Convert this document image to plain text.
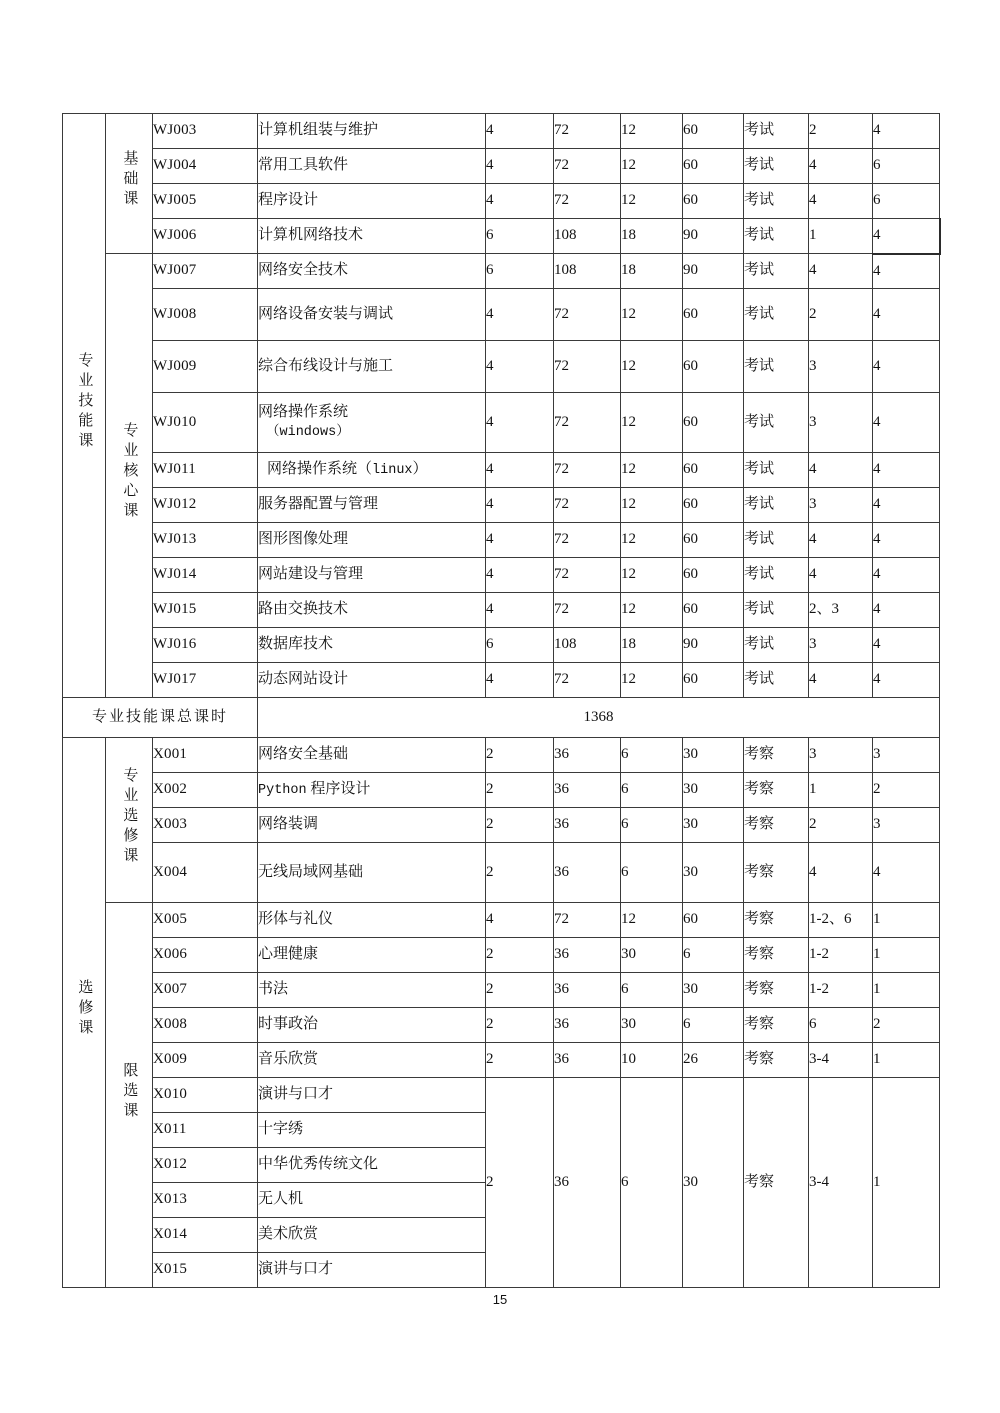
专业技能课	基础课	WJ003	计算机组装与维护	4	72	12	60	考试	2	4
		WJ004	常用工具软件	4	72	12	60	考试	4	6
		WJ005	程序设计	4	72	12	60	考试	4	6
		WJ006	计算机网络技术	6	108	18	90	考试	1	4
	专业核心课	WJ007	网络安全技术	6	108	18	90	考试	4	4
		WJ008	网络设备安装与调试	4	72	12	60	考试	2	4
		WJ009	综合布线设计与施工	4	72	12	60	考试	3	4
		WJ010	网络操作系统
（windows）	4	72	12	60	考试	3	4
		WJ011	网络操作系统（linux）	4	72	12	60	考试	4	4
		WJ012	服务器配置与管理	4	72	12	60	考试	3	4
		WJ013	图形图像处理	4	72	12	60	考试	4	4
		WJ014	网站建设与管理	4	72	12	60	考试	4	4
		WJ015	路由交换技术	4	72	12	60	考试	2、3	4
		WJ016	数据库技术	6	108	18	90	考试	3	4
		WJ017	动态网站设计	4	72	12	60	考试	4	4
专业技能课总课时			1368							
选修课	专业选修课	X001	网络安全基础	2	36	6	30	考察	3	3
		X002	Python 程序设计	2	36	6	30	考察	1	2
		X003	网络装调	2	36	6	30	考察	2	3
		X004	无线局域网基础	2	36	6	30	考察	4	4
	限选课	X005	形体与礼仪	4	72	12	60	考察	1-2、6	1
		X006	心理健康	2	36	30	6	考察	1-2	1
		X007	书法	2	36	6	30	考察	1-2	1
		X008	时事政治	2	36	30	6	考察	6	2
		X009	音乐欣赏	2	36	10	26	考察	3-4	1
		X010	演讲与口才	2	36	6	30	考察	3-4	1
		X011	十字绣							
		X012	中华优秀传统文化							
		X013	无人机							
		X014	美术欣赏							
		X015	演讲与口才							
15
